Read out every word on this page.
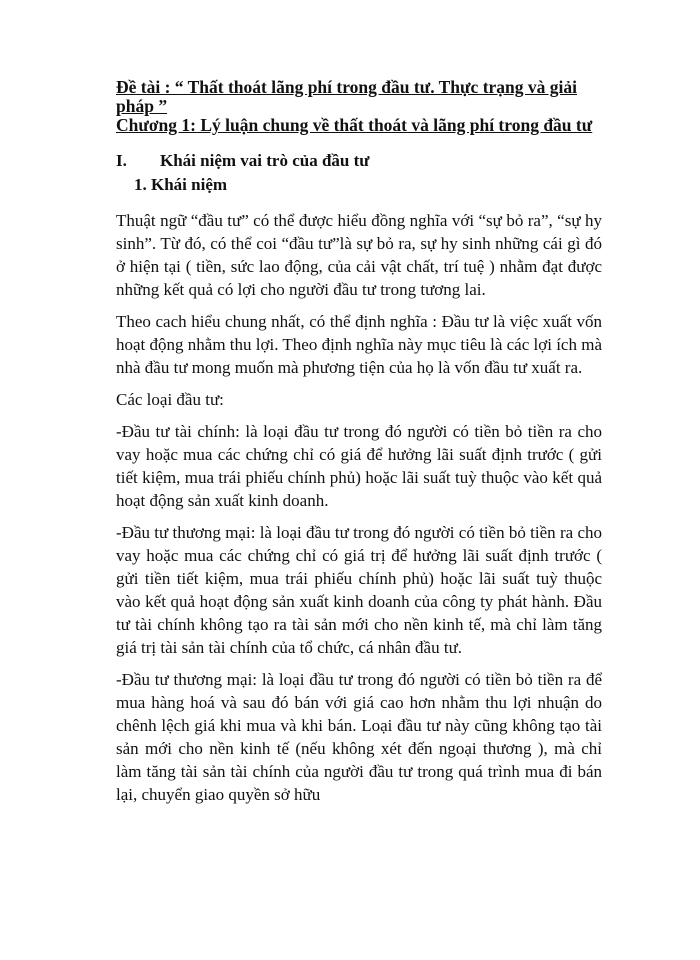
Đề tài : “ Thất thoát lãng phí trong đầu tư. Thực trạng và giải pháp ”

Chương 1: Lý luận chung về thất thoát và lãng phí trong đầu tư

I.	Khái niệm vai trò của đầu tư

1. Khái niệm

Thuật ngữ “đầu tư” có thể được hiểu đồng nghĩa với “sự bỏ ra”, “sự hy sinh”. Từ đó, có thể coi “đầu tư”là sự bỏ ra, sự hy sinh những cái gì đó ở hiện tại ( tiền, sức lao động, của cải vật chất, trí tuệ ) nhằm đạt được những kết quả có lợi cho người đầu tư trong tương lai.

Theo cach hiểu chung nhất, có thể định nghĩa : Đầu tư là việc xuất vốn hoạt động nhằm thu lợi. Theo định nghĩa này mục tiêu là các lợi ích mà nhà đầu tư mong muốn mà phương tiện của họ là vốn đầu tư xuất ra.

Các loại đầu tư:

-Đầu tư tài chính: là loại đầu tư trong đó người có tiền bỏ tiền ra cho vay hoặc mua các chứng chỉ có giá để hưởng lãi suất định trước ( gửi tiết kiệm, mua trái phiếu chính phủ) hoặc lãi suất tuỳ thuộc vào kết quả hoạt động sản xuất kinh doanh.

-Đầu tư thương mại: là loại đầu tư trong đó người có tiền bỏ tiền ra cho vay hoặc mua các chứng chỉ có giá trị để hưởng lãi suất định trước ( gửi tiền tiết kiệm, mua trái phiếu chính phủ) hoặc lãi suất tuỳ thuộc vào kết quả hoạt động sản xuất kinh doanh của công ty phát hành. Đầu tư tài chính không tạo ra tài sản mới cho nền kinh tế, mà chỉ làm tăng giá trị tài sản tài chính của tổ chức, cá nhân đầu tư.

-Đầu tư thương mại: là loại đầu tư trong đó người có tiền bỏ tiền ra để mua hàng hoá và sau đó bán với giá cao hơn nhằm thu lợi nhuận do chênh lệch giá khi mua và khi bán. Loại đầu tư này cũng không tạo tài sản mới cho nền kinh tế (nếu không xét đến ngoại thương ), mà chỉ làm tăng tài sản tài chính của người đầu tư trong quá trình mua đi bán lại, chuyển giao quyền sở hữu
